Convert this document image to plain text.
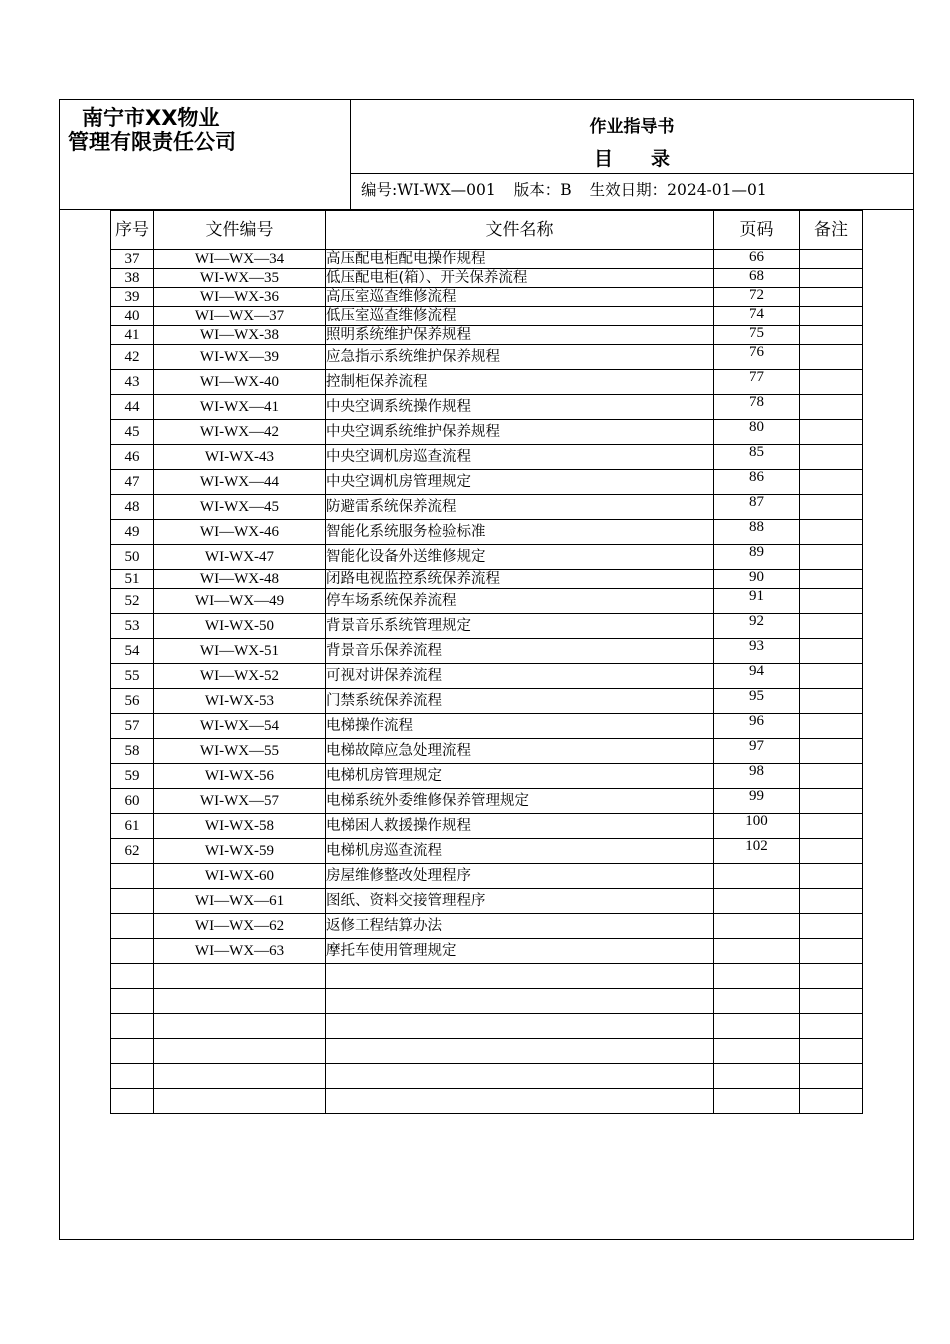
南宁市XX物业
管理有限责任公司
作业指导书
目　　录
编号:WI-WX—001 版本：B 生效日期：2024-01—01
序号	文件编号	文件名称	页码	备注
37	WI—WX—34	高压配电柜配电操作规程	66	
38	WI-WX—35	低压配电柜(箱）、开关保养流程	68	
39	WI—WX-36	高压室巡查维修流程	72	
40	WI—WX—37	低压室巡查维修流程	74	
41	WI—WX-38	照明系统维护保养规程	75	
42	WI-WX—39	应急指示系统维护保养规程	76	
43	WI—WX-40	控制柜保养流程	77	
44	WI-WX—41	中央空调系统操作规程	78	
45	WI-WX—42	中央空调系统维护保养规程	80	
46	WI-WX-43	中央空调机房巡查流程	85	
47	WI-WX—44	中央空调机房管理规定	86	
48	WI-WX—45	防避雷系统保养流程	87	
49	WI—WX-46	智能化系统服务检验标准	88	
50	WI-WX-47	智能化设备外送维修规定	89	
51	WI—WX-48	闭路电视监控系统保养流程	90	
52	WI—WX—49	停车场系统保养流程	91	
53	WI-WX-50	背景音乐系统管理规定	92	
54	WI—WX-51	背景音乐保养流程	93	
55	WI—WX-52	可视对讲保养流程	94	
56	WI-WX-53	门禁系统保养流程	95	
57	WI-WX—54	电梯操作流程	96	
58	WI-WX—55	电梯故障应急处理流程	97	
59	WI-WX-56	电梯机房管理规定	98	
60	WI-WX—57	电梯系统外委维修保养管理规定	99	
61	WI-WX-58	电梯困人救援操作规程	100	
62	WI-WX-59	电梯机房巡查流程	102	
	WI-WX-60	房屋维修整改处理程序		
	WI—WX—61	图纸、资料交接管理程序		
	WI—WX—62	返修工程结算办法		
	WI—WX—63	摩托车使用管理规定		
